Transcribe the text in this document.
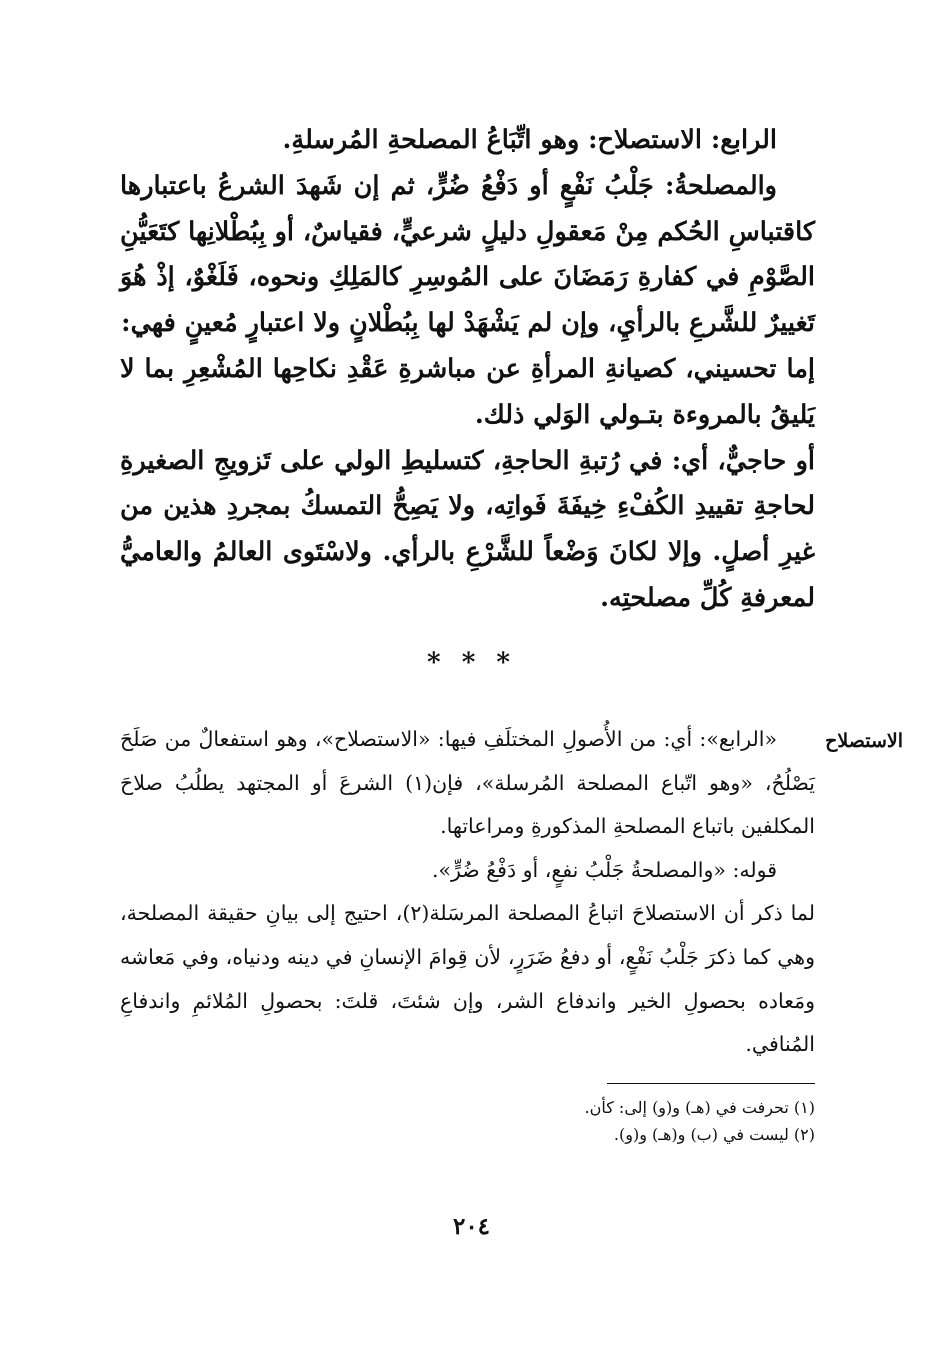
الرابع: الاستصلاح: وهو اتِّبَاعُ المصلحةِ المُرسلةِ.

والمصلحةُ: جَلْبُ نَفْعٍ أو دَفْعُ ضُرٍّ، ثم إن شَهدَ الشرعُ باعتبارها كاقتباسِ الحُكم مِنْ مَعقولِ دليلٍ شرعيٍّ، فقياسٌ، أو بِبُطْلانِها كتَعَيُّنِ الصَّوْمِ في كفارةِ رَمَضَانَ على المُوسِرِ كالمَلِكِ ونحوه، فَلَغْوٌ، إذْ هُوَ تَغييرٌ للشَّرعِ بالرأيِ، وإن لم يَشْهَدْ لها بِبُطْلانٍ ولا اعتبارٍ مُعينٍ فهي:

إما تحسيني، كصيانةِ المرأةِ عن مباشرةِ عَقْدِ نكاحِها المُشْعِرِ بما لا يَليقُ بالمروءة بتـولي الوَلي ذلك.

أو حاجيٌّ، أي: في رُتبةِ الحاجةِ، كتسليطِ الولي على تَزويجِ الصغيرةِ لحاجةِ تقييدِ الكُفْءِ خِيفَةَ فَواتِه، ولا يَصِحُّ التمسكُ بمجردِ هذين من غيرِ أصلٍ. وإلا لكانَ وَضْعاً للشَّرْعِ بالرأي. ولاسْتَوى العالمُ والعاميُّ لمعرفةِ كُلِّ مصلحتِه.

* * *
الاستصلاح

«الرابع»: أي: من الأُصولِ المختلَفِ فيها: «الاستصلاح»، وهو استفعالٌ من صَلَحَ يَصْلُحُ، «وهو اتّباع المصلحة المُرسلة»، فإن(١) الشرعَ أو المجتهد يطلُبُ صلاحَ المكلفين باتباع المصلحةِ المذكورةِ ومراعاتها.

قوله: «والمصلحةُ جَلْبُ نفعٍ، أو دَفْعُ ضُرٍّ».

لما ذكر أن الاستصلاحَ اتباعُ المصلحة المرسَلة(٢)، احتيج إلى بيانِ حقيقة المصلحة، وهي كما ذكرَ جَلْبُ نَفْعٍ، أو دفعُ ضَرَرٍ، لأن قِوامَ الإنسانِ في دينه ودنياه، وفي مَعاشه ومَعاده بحصولِ الخير واندفاع الشر، وإن شئتَ، قلتَ: بحصولِ المُلائمِ واندفاعِ المُنافي.

(١) تحرفت في (هـ) و(و) إلى: كأن.

(٢) ليست في (ب) و(هـ) و(و).

٢٠٤
